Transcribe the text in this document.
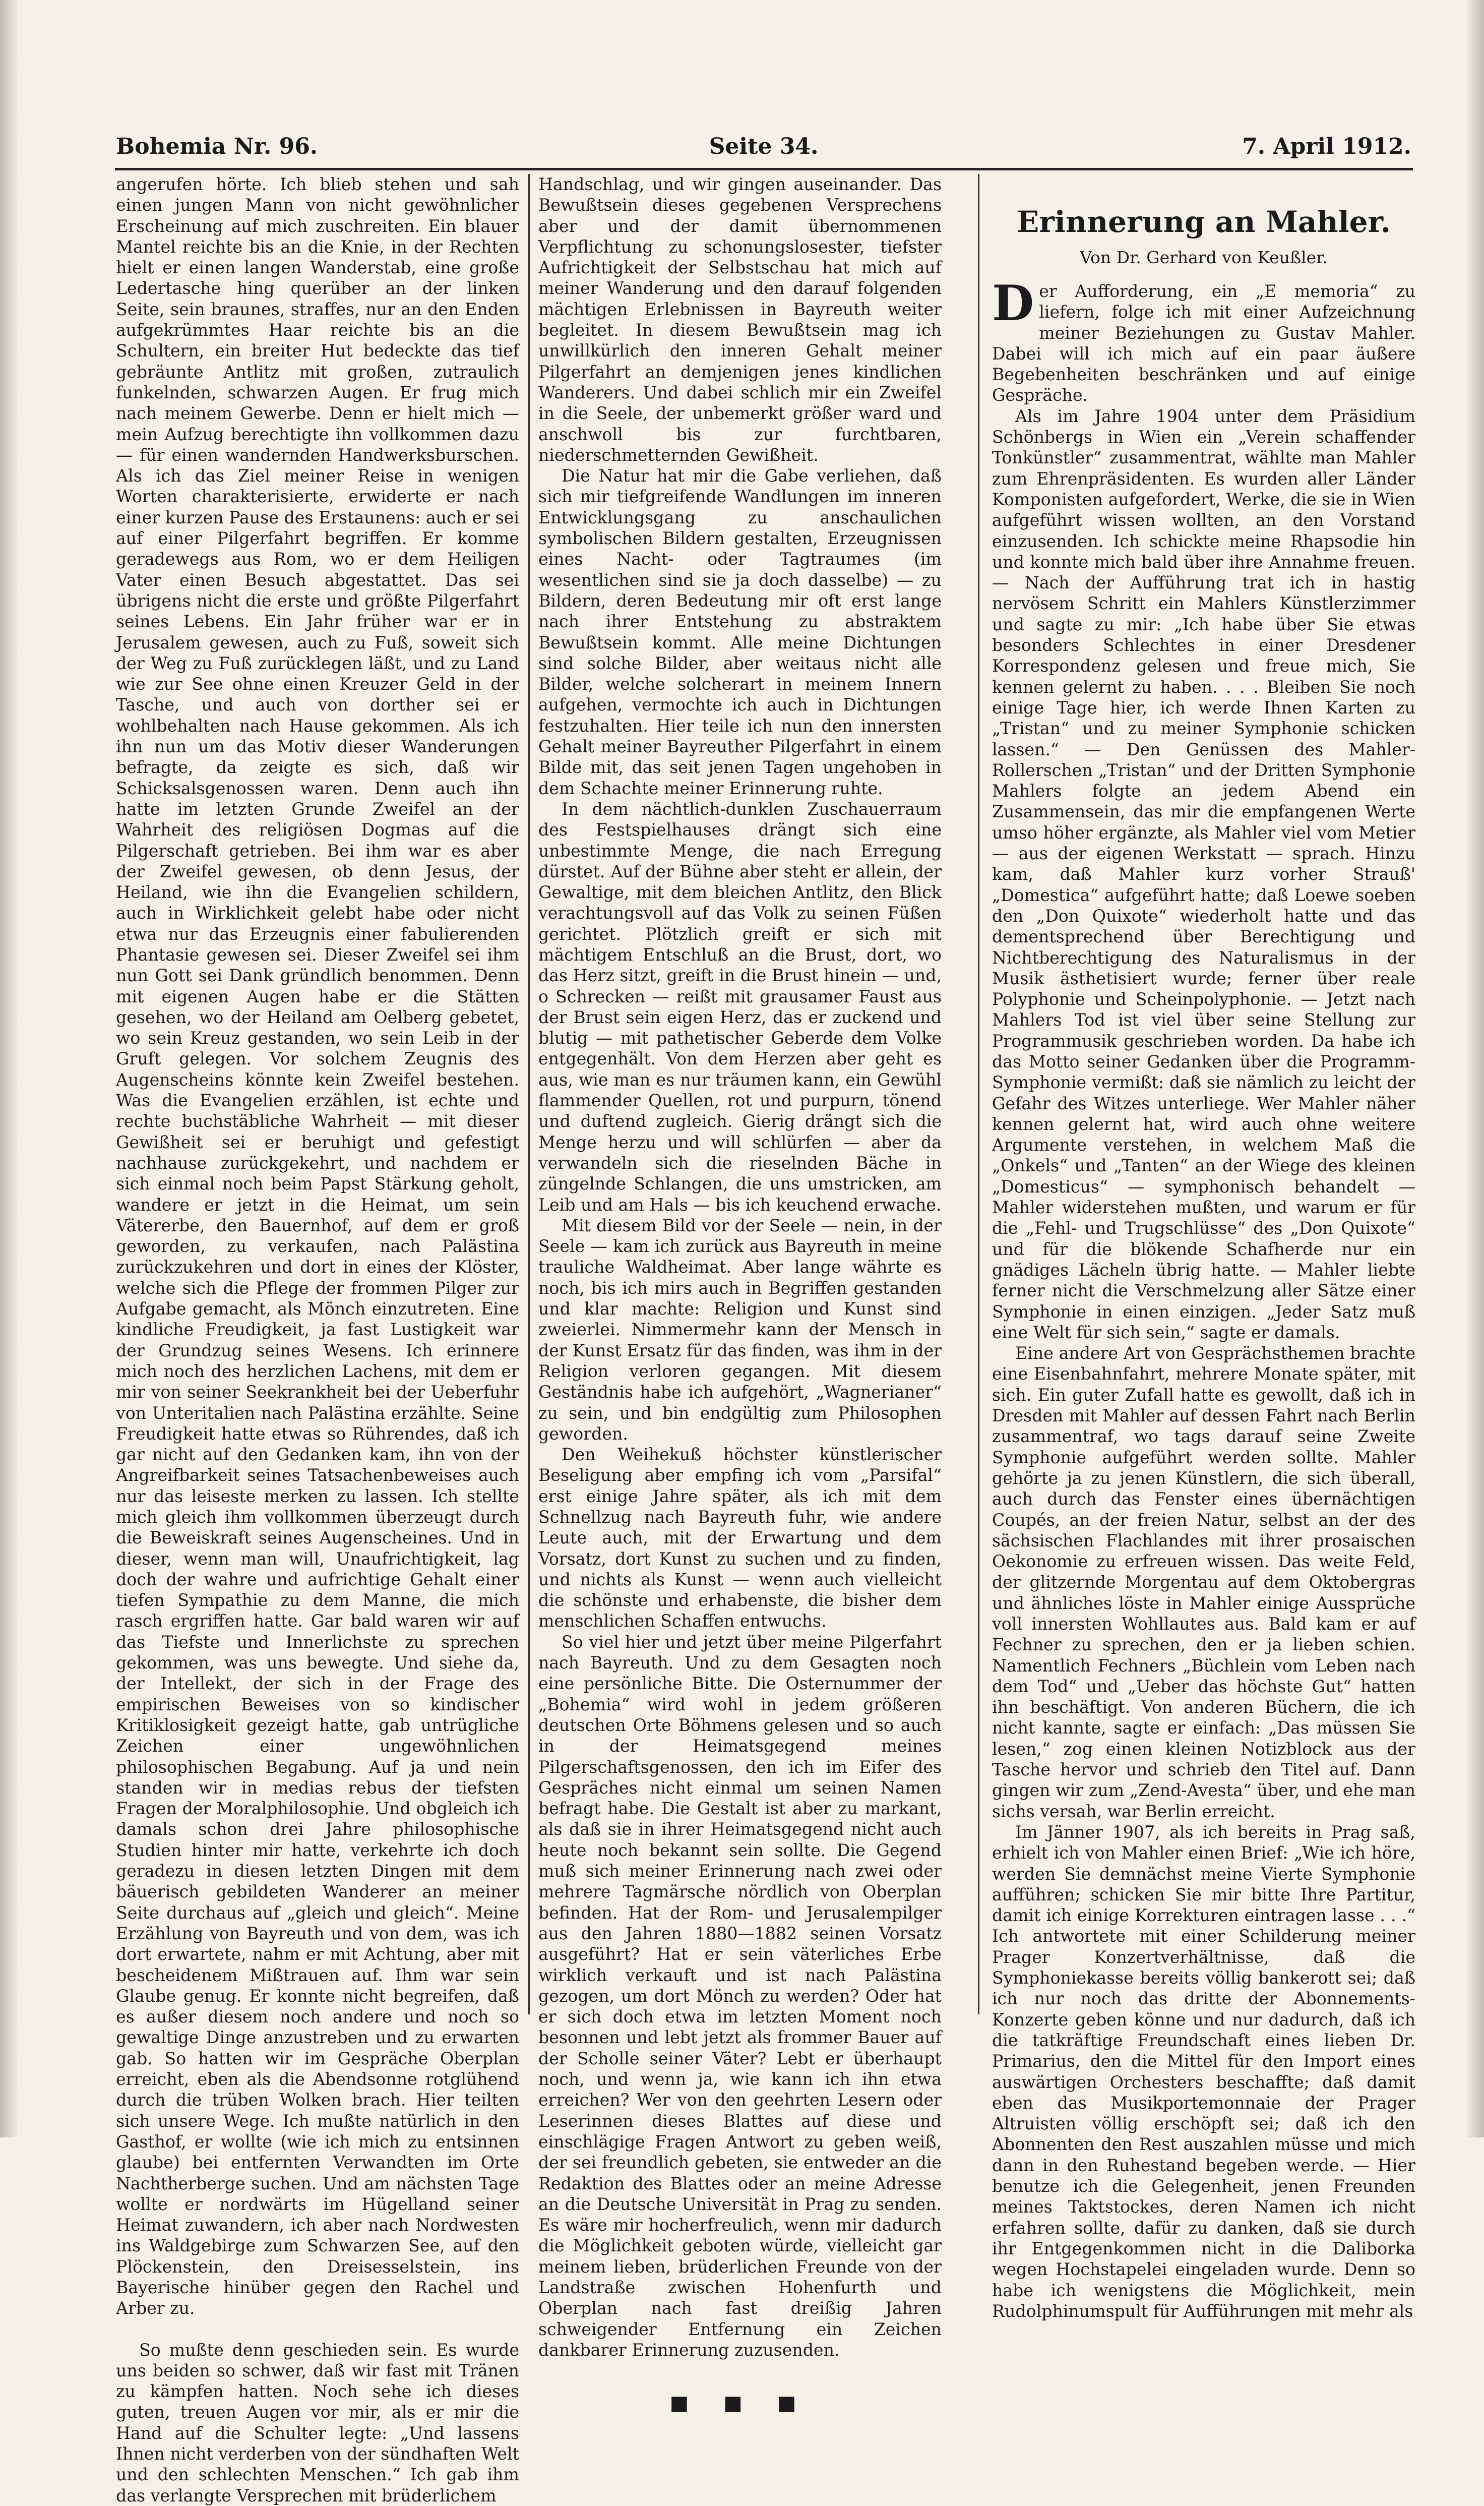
Bohemia Nr. 96.	Seite 34.	7. April 1912.

angerufen hörte. Ich blieb stehen und sah einen jungen Mann von nicht gewöhnlicher Erscheinung auf mich zuschreiten. Ein blauer Mantel reichte bis an die Knie, in der Rechten hielt er einen langen Wanderstab, eine große Ledertasche hing querüber an der linken Seite, sein braunes, straffes, nur an den Enden aufgekrümmtes Haar reichte bis an die Schultern, ein breiter Hut bedeckte das tief gebräunte Antlitz mit großen, zutraulich funkelnden, schwarzen Augen. Er frug mich nach meinem Gewerbe. Denn er hielt mich — mein Aufzug berechtigte ihn vollkommen dazu — für einen wandernden Handwerksburschen. Als ich das Ziel meiner Reise in wenigen Worten charakterisierte, erwiderte er nach einer kurzen Pause des Erstaunens: auch er sei auf einer Pilgerfahrt begriffen. Er komme geradewegs aus Rom, wo er dem Heiligen Vater einen Besuch abgestattet. Das sei übrigens nicht die erste und größte Pilgerfahrt seines Lebens. Ein Jahr früher war er in Jerusalem gewesen, auch zu Fuß, soweit sich der Weg zu Fuß zurücklegen läßt, und zu Land wie zur See ohne einen Kreuzer Geld in der Tasche, und auch von dorther sei er wohlbehalten nach Hause gekommen. Als ich ihn nun um das Motiv dieser Wanderungen befragte, da zeigte es sich, daß wir Schicksalsgenossen waren. Denn auch ihn hatte im letzten Grunde Zweifel an der Wahrheit des religiösen Dogmas auf die Pilgerschaft getrieben. Bei ihm war es aber der Zweifel gewesen, ob denn Jesus, der Heiland, wie ihn die Evangelien schildern, auch in Wirklichkeit gelebt habe oder nicht etwa nur das Erzeugnis einer fabulierenden Phantasie gewesen sei. Dieser Zweifel sei ihm nun Gott sei Dank gründlich benommen. Denn mit eigenen Augen habe er die Stätten gesehen, wo der Heiland am Oelberg gebetet, wo sein Kreuz gestanden, wo sein Leib in der Gruft gelegen. Vor solchem Zeugnis des Augenscheins könnte kein Zweifel bestehen. Was die Evangelien erzählen, ist echte und rechte buchstäbliche Wahrheit — mit dieser Gewißheit sei er beruhigt und gefestigt nachhause zurückgekehrt, und nachdem er sich einmal noch beim Papst Stärkung geholt, wandere er jetzt in die Heimat, um sein Vätererbe, den Bauernhof, auf dem er groß geworden, zu verkaufen, nach Palästina zurückzukehren und dort in eines der Klöster, welche sich die Pflege der frommen Pilger zur Aufgabe gemacht, als Mönch einzutreten. Eine kindliche Freudigkeit, ja fast Lustigkeit war der Grundzug seines Wesens. Ich erinnere mich noch des herzlichen Lachens, mit dem er mir von seiner Seekrankheit bei der Ueberfuhr von Unteritalien nach Palästina erzählte. Seine Freudigkeit hatte etwas so Rührendes, daß ich gar nicht auf den Gedanken kam, ihn von der Angreifbarkeit seines Tatsachenbeweises auch nur das leiseste merken zu lassen. Ich stellte mich gleich ihm vollkommen überzeugt durch die Beweiskraft seines Augenscheines. Und in dieser, wenn man will, Unaufrichtigkeit, lag doch der wahre und aufrichtige Gehalt einer tiefen Sympathie zu dem Manne, die mich rasch ergriffen hatte. Gar bald waren wir auf das Tiefste und Innerlichste zu sprechen gekommen, was uns bewegte. Und siehe da, der Intellekt, der sich in der Frage des empirischen Beweises von so kindischer Kritiklosigkeit gezeigt hatte, gab untrügliche Zeichen einer ungewöhnlichen philosophischen Begabung. Auf ja und nein standen wir in medias rebus der tiefsten Fragen der Moralphilosophie. Und obgleich ich damals schon drei Jahre philosophische Studien hinter mir hatte, verkehrte ich doch geradezu in diesen letzten Dingen mit dem bäuerisch gebildeten Wanderer an meiner Seite durchaus auf „gleich und gleich“. Meine Erzählung von Bayreuth und von dem, was ich dort erwartete, nahm er mit Achtung, aber mit bescheidenem Mißtrauen auf. Ihm war sein Glaube genug. Er konnte nicht begreifen, daß es außer diesem noch andere und noch so gewaltige Dinge anzustreben und zu erwarten gab. So hatten wir im Gespräche Oberplan erreicht, eben als die Abendsonne rotglühend durch die trüben Wolken brach. Hier teilten sich unsere Wege. Ich mußte natürlich in den Gasthof, er wollte (wie ich mich zu entsinnen glaube) bei entfernten Verwandten im Orte Nachtherberge suchen. Und am nächsten Tage wollte er nordwärts im Hügelland seiner Heimat zuwandern, ich aber nach Nordwesten ins Waldgebirge zum Schwarzen See, auf den Plöckenstein, den Dreisesselstein, ins Bayerische hinüber gegen den Rachel und Arber zu.

So mußte denn geschieden sein. Es wurde uns beiden so schwer, daß wir fast mit Tränen zu kämpfen hatten. Noch sehe ich dieses guten, treuen Augen vor mir, als er mir die Hand auf die Schulter legte: „Und lassens Ihnen nicht verderben von der sündhaften Welt und den schlechten Menschen.“ Ich gab ihm das verlangte Versprechen mit brüderlichem

Handschlag, und wir gingen auseinander. Das Bewußtsein dieses gegebenen Versprechens aber und der damit übernommenen Verpflichtung zu schonungslosester, tiefster Aufrichtigkeit der Selbstschau hat mich auf meiner Wanderung und den darauf folgenden mächtigen Erlebnissen in Bayreuth weiter begleitet. In diesem Bewußtsein mag ich unwillkürlich den inneren Gehalt meiner Pilgerfahrt an demjenigen jenes kindlichen Wanderers. Und dabei schlich mir ein Zweifel in die Seele, der unbemerkt größer ward und anschwoll bis zur furchtbaren, niederschmetternden Gewißheit.

Die Natur hat mir die Gabe verliehen, daß sich mir tiefgreifende Wandlungen im inneren Entwicklungsgang zu anschaulichen symbolischen Bildern gestalten, Erzeugnissen eines Nacht- oder Tagtraumes (im wesentlichen sind sie ja doch dasselbe) — zu Bildern, deren Bedeutung mir oft erst lange nach ihrer Entstehung zu abstraktem Bewußtsein kommt. Alle meine Dichtungen sind solche Bilder, aber weitaus nicht alle Bilder, welche solcherart in meinem Innern aufgehen, vermochte ich auch in Dichtungen festzuhalten. Hier teile ich nun den innersten Gehalt meiner Bayreuther Pilgerfahrt in einem Bilde mit, das seit jenen Tagen ungehoben in dem Schachte meiner Erinnerung ruhte.

In dem nächtlich-dunklen Zuschauerraum des Festspielhauses drängt sich eine unbestimmte Menge, die nach Erregung dürstet. Auf der Bühne aber steht er allein, der Gewaltige, mit dem bleichen Antlitz, den Blick verachtungsvoll auf das Volk zu seinen Füßen gerichtet. Plötzlich greift er sich mit mächtigem Entschluß an die Brust, dort, wo das Herz sitzt, greift in die Brust hinein — und, o Schrecken — reißt mit grausamer Faust aus der Brust sein eigen Herz, das er zuckend und blutig — mit pathetischer Geberde dem Volke entgegenhält. Von dem Herzen aber geht es aus, wie man es nur träumen kann, ein Gewühl flammender Quellen, rot und purpurn, tönend und duftend zugleich. Gierig drängt sich die Menge herzu und will schlürfen — aber da verwandeln sich die rieselnden Bäche in züngelnde Schlangen, die uns umstricken, am Leib und am Hals — bis ich keuchend erwache.

Mit diesem Bild vor der Seele — nein, in der Seele — kam ich zurück aus Bayreuth in meine trauliche Waldheimat. Aber lange währte es noch, bis ich mirs auch in Begriffen gestanden und klar machte: Religion und Kunst sind zweierlei. Nimmermehr kann der Mensch in der Kunst Ersatz für das finden, was ihm in der Religion verloren gegangen. Mit diesem Geständnis habe ich aufgehört, „Wagnerianer“ zu sein, und bin endgültig zum Philosophen geworden.

Den Weihekuß höchster künstlerischer Beseligung aber empfing ich vom „Parsifal“ erst einige Jahre später, als ich mit dem Schnellzug nach Bayreuth fuhr, wie andere Leute auch, mit der Erwartung und dem Vorsatz, dort Kunst zu suchen und zu finden, und nichts als Kunst — wenn auch vielleicht die schönste und erhabenste, die bisher dem menschlichen Schaffen entwuchs.

So viel hier und jetzt über meine Pilgerfahrt nach Bayreuth. Und zu dem Gesagten noch eine persönliche Bitte. Die Osternummer der „Bohemia“ wird wohl in jedem größeren deutschen Orte Böhmens gelesen und so auch in der Heimatsgegend meines Pilgerschaftsgenossen, den ich im Eifer des Gespräches nicht einmal um seinen Namen befragt habe. Die Gestalt ist aber zu markant, als daß sie in ihrer Heimatsgegend nicht auch heute noch bekannt sein sollte. Die Gegend muß sich meiner Erinnerung nach zwei oder mehrere Tagmärsche nördlich von Oberplan befinden. Hat der Rom- und Jerusalempilger aus den Jahren 1880—1882 seinen Vorsatz ausgeführt? Hat er sein väterliches Erbe wirklich verkauft und ist nach Palästina gezogen, um dort Mönch zu werden? Oder hat er sich doch etwa im letzten Moment noch besonnen und lebt jetzt als frommer Bauer auf der Scholle seiner Väter? Lebt er überhaupt noch, und wenn ja, wie kann ich ihn etwa erreichen? Wer von den geehrten Lesern oder Leserinnen dieses Blattes auf diese und einschlägige Fragen Antwort zu geben weiß, der sei freundlich gebeten, sie entweder an die Redaktion des Blattes oder an meine Adresse an die Deutsche Universität in Prag zu senden. Es wäre mir hocherfreulich, wenn mir dadurch die Möglichkeit geboten würde, vielleicht gar meinem lieben, brüderlichen Freunde von der Landstraße zwischen Hohenfurth und Oberplan nach fast dreißig Jahren schweigender Entfernung ein Zeichen dankbarer Erinnerung zuzusenden.

■ ■ ■
Erinnerung an Mahler.
Von Dr. Gerhard von Keußler.

Der Aufforderung, ein „E memoria“ zu liefern, folge ich mit einer Aufzeichnung meiner Beziehungen zu Gustav Mahler. Dabei will ich mich auf ein paar äußere Begebenheiten beschränken und auf einige Gespräche.

Als im Jahre 1904 unter dem Präsidium Schönbergs in Wien ein „Verein schaffender Tonkünstler“ zusammentrat, wählte man Mahler zum Ehrenpräsidenten. Es wurden aller Länder Komponisten aufgefordert, Werke, die sie in Wien aufgeführt wissen wollten, an den Vorstand einzusenden. Ich schickte meine Rhapsodie hin und konnte mich bald über ihre Annahme freuen. — Nach der Aufführung trat ich in hastig nervösem Schritt ein Mahlers Künstlerzimmer und sagte zu mir: „Ich habe über Sie etwas besonders Schlechtes in einer Dresdener Korrespondenz gelesen und freue mich, Sie kennen gelernt zu haben. . . . Bleiben Sie noch einige Tage hier, ich werde Ihnen Karten zu „Tristan“ und zu meiner Symphonie schicken lassen.“ — Den Genüssen des Mahler-Rollerschen „Tristan“ und der Dritten Symphonie Mahlers folgte an jedem Abend ein Zusammensein, das mir die empfangenen Werte umso höher ergänzte, als Mahler viel vom Metier — aus der eigenen Werkstatt — sprach. Hinzu kam, daß Mahler kurz vorher Strauß' „Domestica“ aufgeführt hatte; daß Loewe soeben den „Don Quixote“ wiederholt hatte und das dementsprechend über Berechtigung und Nichtberechtigung des Naturalismus in der Musik ästhetisiert wurde; ferner über reale Polyphonie und Scheinpolyphonie. — Jetzt nach Mahlers Tod ist viel über seine Stellung zur Programmusik geschrieben worden. Da habe ich das Motto seiner Gedanken über die Programm-Symphonie vermißt: daß sie nämlich zu leicht der Gefahr des Witzes unterliege. Wer Mahler näher kennen gelernt hat, wird auch ohne weitere Argumente verstehen, in welchem Maß die „Onkels“ und „Tanten“ an der Wiege des kleinen „Domesticus“ — symphonisch behandelt — Mahler widerstehen mußten, und warum er für die „Fehl- und Trugschlüsse“ des „Don Quixote“ und für die blökende Schafherde nur ein gnädiges Lächeln übrig hatte. — Mahler liebte ferner nicht die Verschmelzung aller Sätze einer Symphonie in einen einzigen. „Jeder Satz muß eine Welt für sich sein,“ sagte er damals.

Eine andere Art von Gesprächsthemen brachte eine Eisenbahnfahrt, mehrere Monate später, mit sich. Ein guter Zufall hatte es gewollt, daß ich in Dresden mit Mahler auf dessen Fahrt nach Berlin zusammentraf, wo tags darauf seine Zweite Symphonie aufgeführt werden sollte. Mahler gehörte ja zu jenen Künstlern, die sich überall, auch durch das Fenster eines übernächtigen Coupés, an der freien Natur, selbst an der des sächsischen Flachlandes mit ihrer prosaischen Oekonomie zu erfreuen wissen. Das weite Feld, der glitzernde Morgentau auf dem Oktobergras und ähnliches löste in Mahler einige Aussprüche voll innersten Wohllautes aus. Bald kam er auf Fechner zu sprechen, den er ja lieben schien. Namentlich Fechners „Büchlein vom Leben nach dem Tod“ und „Ueber das höchste Gut“ hatten ihn beschäftigt. Von anderen Büchern, die ich nicht kannte, sagte er einfach: „Das müssen Sie lesen,“ zog einen kleinen Notizblock aus der Tasche hervor und schrieb den Titel auf. Dann gingen wir zum „Zend-Avesta“ über, und ehe man sichs versah, war Berlin erreicht.

Im Jänner 1907, als ich bereits in Prag saß, erhielt ich von Mahler einen Brief: „Wie ich höre, werden Sie demnächst meine Vierte Symphonie aufführen; schicken Sie mir bitte Ihre Partitur, damit ich einige Korrekturen eintragen lasse . . .“ Ich antwortete mit einer Schilderung meiner Prager Konzertverhältnisse, daß die Symphoniekasse bereits völlig bankerott sei; daß ich nur noch das dritte der Abonnements-Konzerte geben könne und nur dadurch, daß ich die tatkräftige Freundschaft eines lieben Dr. Primarius, den die Mittel für den Import eines auswärtigen Orchesters beschaffte; daß damit eben das Musikportemonnaie der Prager Altruisten völlig erschöpft sei; daß ich den Abonnenten den Rest auszahlen müsse und mich dann in den Ruhestand begeben werde. — Hier benutze ich die Gelegenheit, jenen Freunden meines Taktstockes, deren Namen ich nicht erfahren sollte, dafür zu danken, daß sie durch ihr Entgegenkommen nicht in die Daliborka wegen Hochstapelei eingeladen wurde. Denn so habe ich wenigstens die Möglichkeit, mein Rudolphinumspult für Aufführungen mit mehr als
